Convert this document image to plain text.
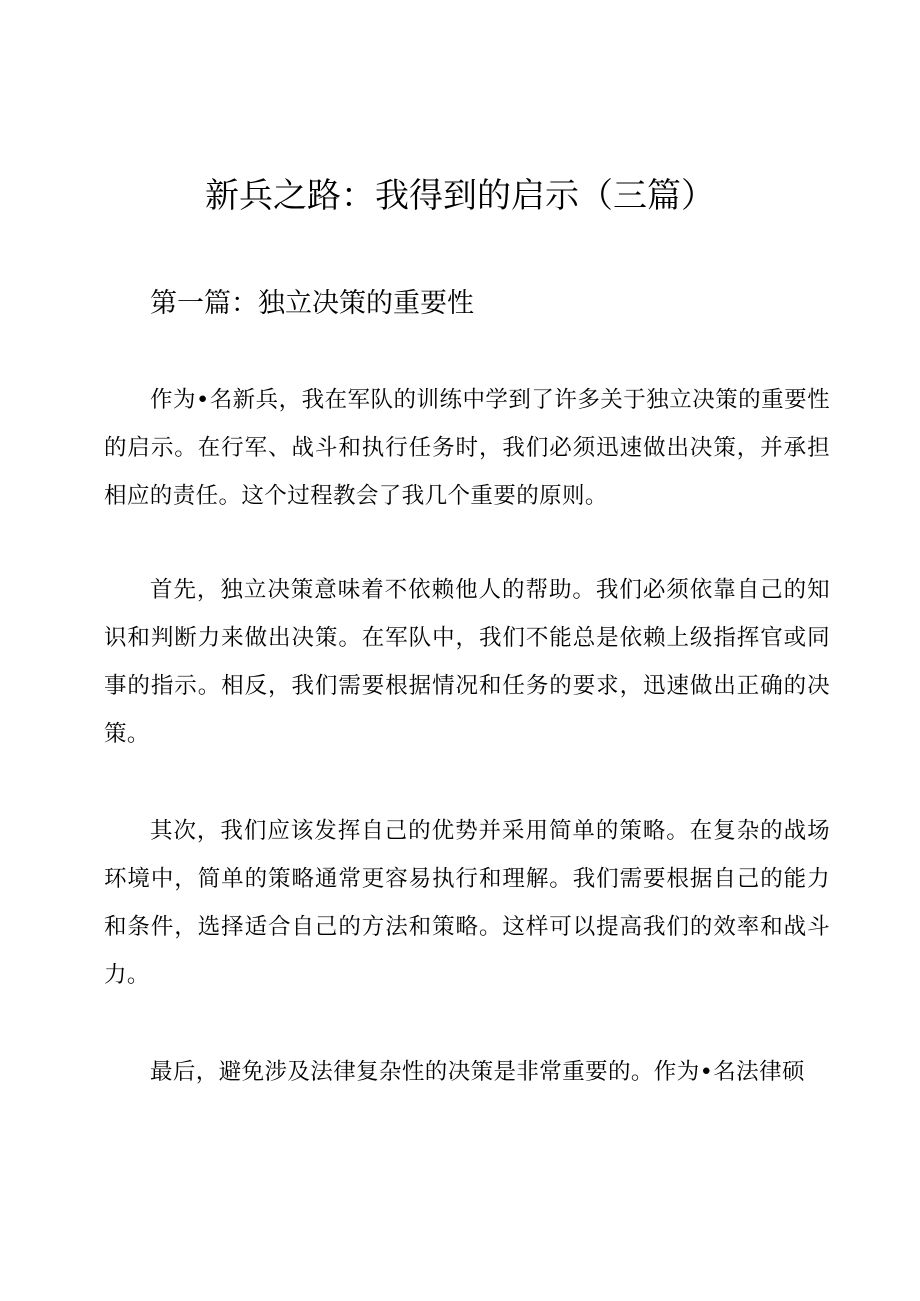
新兵之路：我得到的启示（三篇）
第一篇：独立决策的重要性

作为•名新兵，我在军队的训练中学到了许多关于独立决策的重要性的启示。在行军、战斗和执行任务时，我们必须迅速做出决策，并承担相应的责任。这个过程教会了我几个重要的原则。

首先，独立决策意味着不依赖他人的帮助。我们必须依靠自己的知识和判断力来做出决策。在军队中，我们不能总是依赖上级指挥官或同事的指示。相反，我们需要根据情况和任务的要求，迅速做出正确的决策。

其次，我们应该发挥自己的优势并采用简单的策略。在复杂的战场环境中，简单的策略通常更容易执行和理解。我们需要根据自己的能力和条件，选择适合自己的方法和策略。这样可以提高我们的效率和战斗力。

最后，避免涉及法律复杂性的决策是非常重要的。作为•名法律硕
